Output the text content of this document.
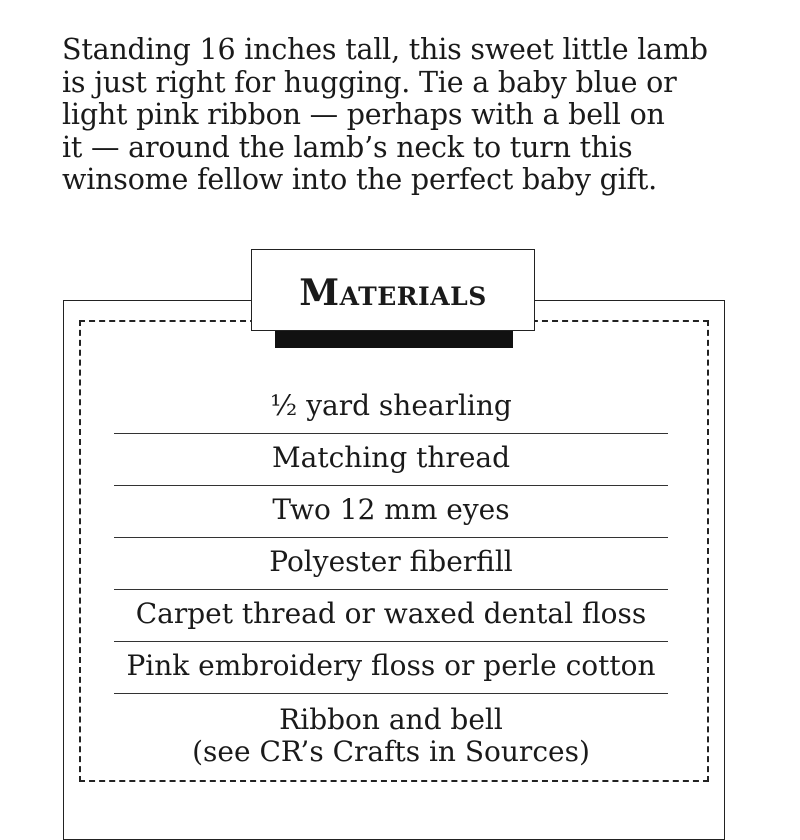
Standing 16 inches tall, this sweet little lamb
is just right for hugging. Tie a baby blue or
light pink ribbon — perhaps with a bell on
it — around the lamb’s neck to turn this
winsome fellow into the perfect baby gift.
Materials
½ yard shearling
Matching thread
Two 12 mm eyes
Polyester fiberfill
Carpet thread or waxed dental floss
Pink embroidery floss or perle cotton
Ribbon and bell
(see CR’s Crafts in Sources)
